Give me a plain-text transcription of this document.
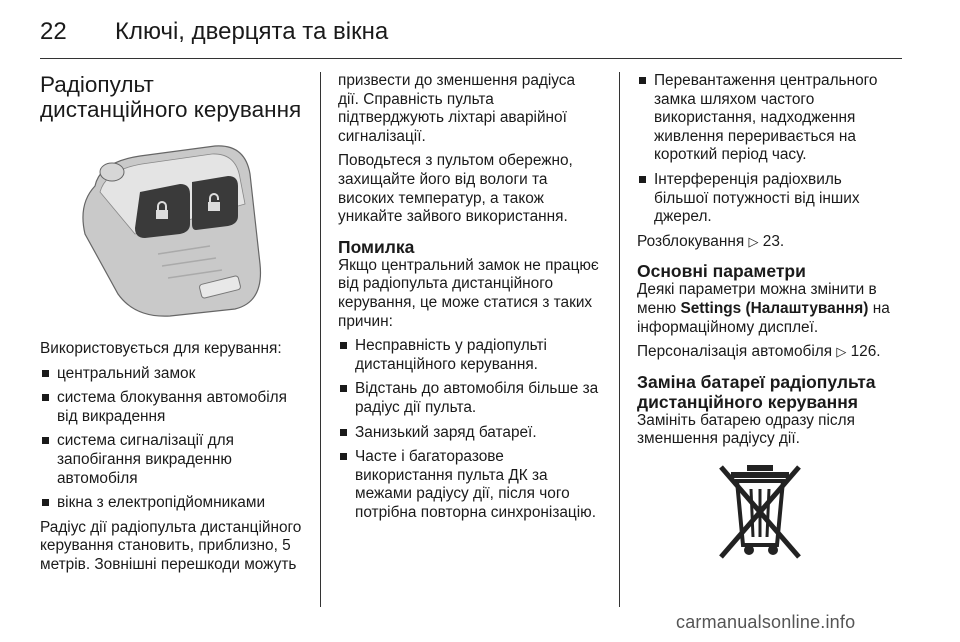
22 Ключі, дверцята та вікна
Радіопульт
дистанційного керування

Використовується для керування:

центральний замок
система блокування автомобіля від викрадення
система сигналізації для запобігання викраденню автомобіля
вікна з електропідйомниками

Радіус дії радіопульта дистанційного керування становить, приблизно, 5 метрів. Зовнішні перешкоди можуть

призвести до зменшення радіуса дії. Справність пульта підтверджують ліхтарі аварійної сигналізації.

Поводьтеся з пультом обережно, захищайте його від вологи та високих температур, а також уникайте зайвого використання.

Помилка

Якщо центральний замок не працює від радіопульта дистанційного керування, це може статися з таких причин:

Несправність у радіопульті дистанційного керування.
Відстань до автомобіля більше за радіус дії пульта.
Занизький заряд батареї.
Часте і багаторазове використання пульта ДК за межами радіусу дії, після чого потрібна повторна синхронізацію.
Перевантаження центрального замка шляхом частого використання, надходження живлення переривається на короткий період часу.
Інтерференція радіохвиль більшої потужності від інших джерел.

Розблокування ▷ 23.

Основні параметри

Деякі параметри можна змінити в меню Settings (Налаштування) на інформаційному дисплеї.

Персоналізація автомобіля ▷ 126.

Заміна батареї радіопульта дистанційного керування

Замініть батарею одразу після зменшення радіусу дії.

carmanualsonline.info
